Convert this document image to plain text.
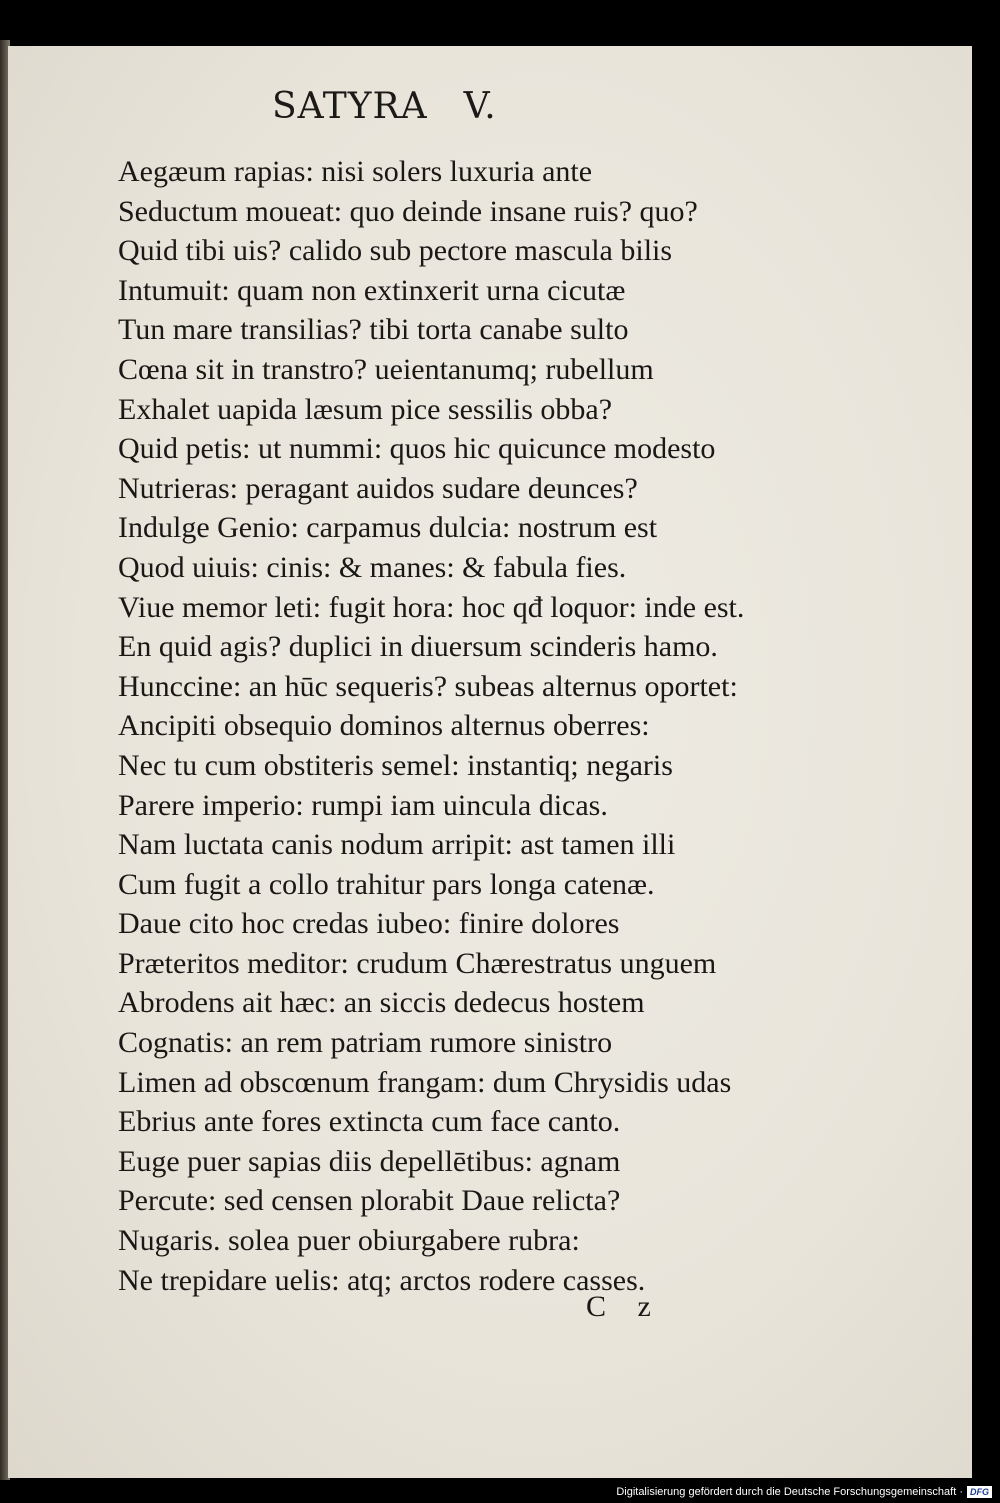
SATYRA V.
Aegæum rapias: nisi solers luxuria ante
Seductum moueat: quo deinde insane ruis? quo?
Quid tibi uis? calido sub pectore mascula bilis
Intumuit: quam non extinxerit urna cicutæ
Tun mare transilias? tibi torta canabe sulto
Cœna sit in transtro? ueientanumq; rubellum
Exhalet uapida læsum pice sessilis obba?
Quid petis: ut nummi: quos hic quicunce modesto
Nutrieras: peragant auidos sudare deunces?
Indulge Genio: carpamus dulcia: nostrum est
Quod uiuis: cinis: & manes: & fabula fies.
Viue memor leti: fugit hora: hoc qđ loquor: inde est.
En quid agis? duplici in diuersum scinderis hamo.
Hunccine: an hūc sequeris? subeas alternus oportet:
Ancipiti obsequio dominos alternus oberres:
Nec tu cum obstiteris semel: instantiq; negaris
Parere imperio: rumpi iam uincula dicas.
Nam luctata canis nodum arripit: ast tamen illi
Cum fugit a collo trahitur pars longa catenæ.
Daue cito hoc credas iubeo: finire dolores
Præteritos meditor: crudum Chærestratus unguem
Abrodens ait hæc: an siccis dedecus hostem
Cognatis: an rem patriam rumore sinistro
Limen ad obscœnum frangam: dum Chrysidis udas
Ebrius ante fores extincta cum face canto.
Euge puer sapias diis depellētibus: agnam
Percute: sed censen plorabit Daue relicta?
Nugaris. solea puer obiurgabere rubra:
Ne trepidare uelis: atq; arctos rodere casses.
C z
Digitalisierung gefördert durch die Deutsche Forschungsgemeinschaft · DFG
